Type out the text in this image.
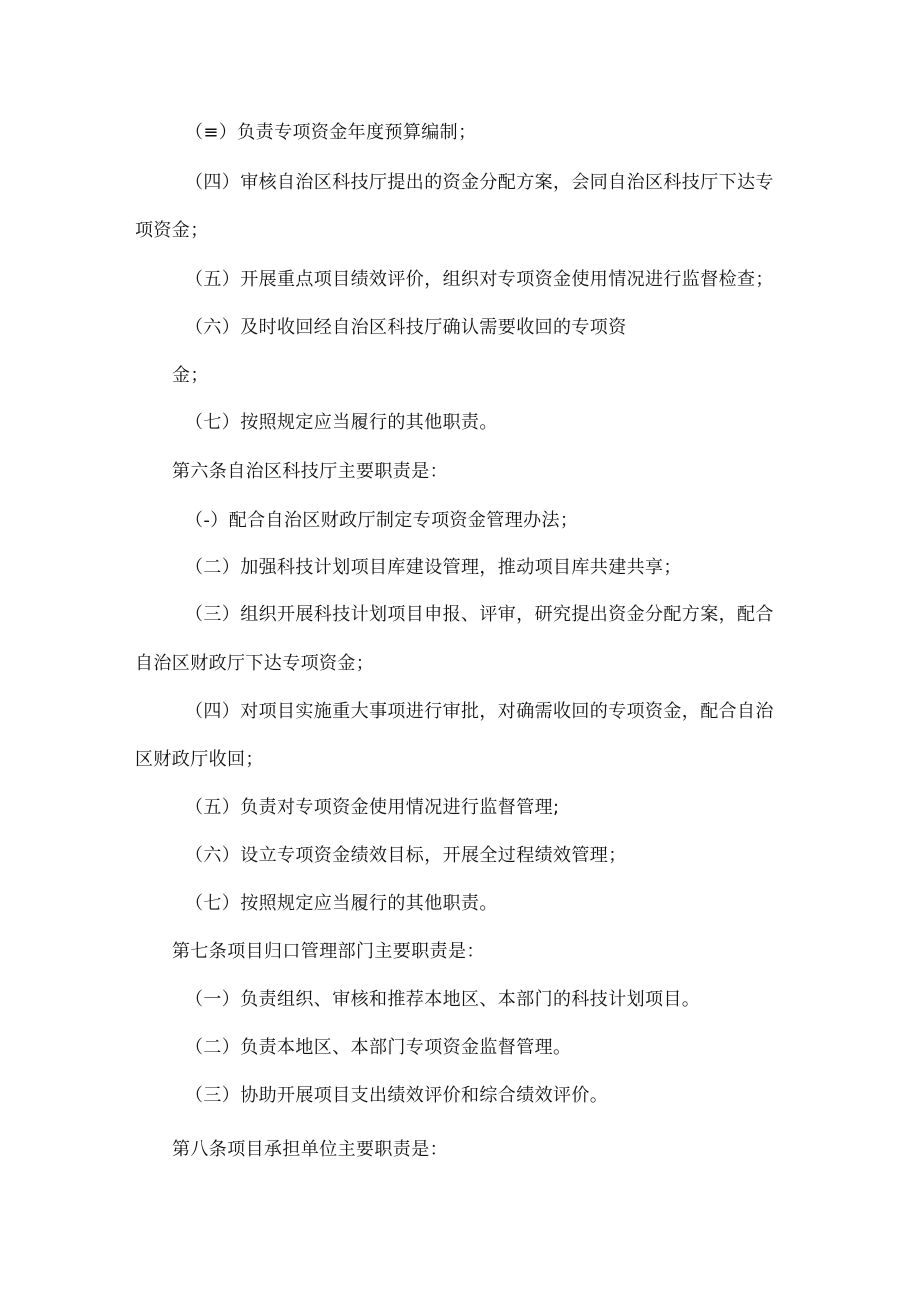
（≡）负责专项资金年度预算编制；
（四）审核自治区科技厅提出的资金分配方案，会同自治区科技厅下达专
项资金；
（五）开展重点项目绩效评价，组织对专项资金使用情况进行监督检查；
（六）及时收回经自治区科技厅确认需要收回的专项资
金；
（七）按照规定应当履行的其他职责。
第六条自治区科技厅主要职责是：
（-）配合自治区财政厅制定专项资金管理办法；
（二）加强科技计划项目库建设管理，推动项目库共建共享；
（三）组织开展科技计划项目申报、评审，研究提出资金分配方案，配合
自治区财政厅下达专项资金；
（四）对项目实施重大事项进行审批，对确需收回的专项资金，配合自治
区财政厅收回；
（五）负责对专项资金使用情况进行监督管理;
（六）设立专项资金绩效目标，开展全过程绩效管理；
（七）按照规定应当履行的其他职责。
第七条项目归口管理部门主要职责是：
（一）负责组织、审核和推荐本地区、本部门的科技计划项目。
（二）负责本地区、本部门专项资金监督管理。
（三）协助开展项目支出绩效评价和综合绩效评价。
第八条项目承担单位主要职责是：
